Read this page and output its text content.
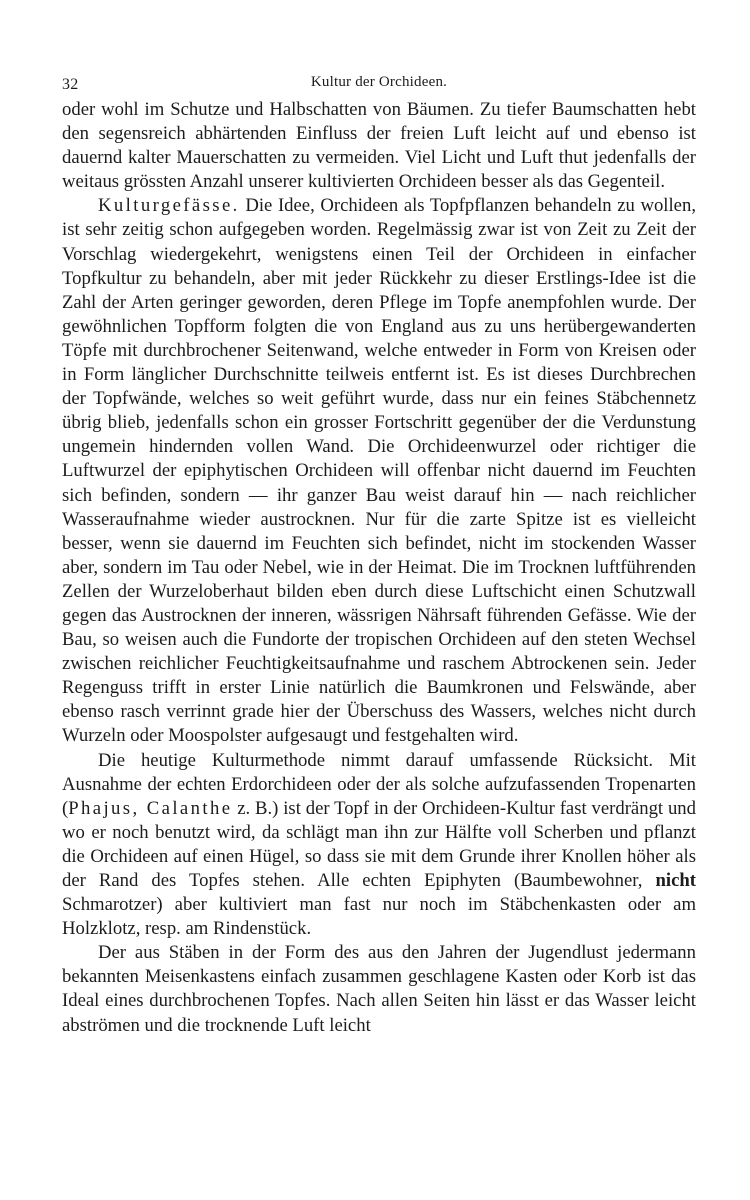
32	Kultur der Orchideen.

oder wohl im Schutze und Halbschatten von Bäumen. Zu tiefer Baumschatten hebt den segensreich abhärtenden Einfluss der freien Luft leicht auf und ebenso ist dauernd kalter Mauerschatten zu vermeiden. Viel Licht und Luft thut jedenfalls der weitaus grössten Anzahl unserer kultivierten Orchideen besser als das Gegenteil.

Kulturgefässe. Die Idee, Orchideen als Topfpflanzen behandeln zu wollen, ist sehr zeitig schon aufgegeben worden. Regelmässig zwar ist von Zeit zu Zeit der Vorschlag wiedergekehrt, wenigstens einen Teil der Orchideen in einfacher Topfkultur zu behandeln, aber mit jeder Rückkehr zu dieser Erstlings-Idee ist die Zahl der Arten geringer geworden, deren Pflege im Topfe anempfohlen wurde. Der gewöhnlichen Topfform folgten die von England aus zu uns herübergewanderten Töpfe mit durchbrochener Seitenwand, welche entweder in Form von Kreisen oder in Form länglicher Durchschnitte teilweis entfernt ist. Es ist dieses Durchbrechen der Topfwände, welches so weit geführt wurde, dass nur ein feines Stäbchennetz übrig blieb, jedenfalls schon ein grosser Fortschritt gegenüber der die Verdunstung ungemein hindernden vollen Wand. Die Orchideenwurzel oder richtiger die Luftwurzel der epiphytischen Orchideen will offenbar nicht dauernd im Feuchten sich befinden, sondern — ihr ganzer Bau weist darauf hin — nach reichlicher Wasseraufnahme wieder austrocknen. Nur für die zarte Spitze ist es vielleicht besser, wenn sie dauernd im Feuchten sich befindet, nicht im stockenden Wasser aber, sondern im Tau oder Nebel, wie in der Heimat. Die im Trocknen luftführenden Zellen der Wurzeloberhaut bilden eben durch diese Luftschicht einen Schutzwall gegen das Austrocknen der inneren, wässrigen Nährsaft führenden Gefässe. Wie der Bau, so weisen auch die Fundorte der tropischen Orchideen auf den steten Wechsel zwischen reichlicher Feuchtigkeitsaufnahme und raschem Abtrockenen sein. Jeder Regenguss trifft in erster Linie natürlich die Baumkronen und Felswände, aber ebenso rasch verrinnt grade hier der Überschuss des Wassers, welches nicht durch Wurzeln oder Moospolster aufgesaugt und festgehalten wird.

Die heutige Kulturmethode nimmt darauf umfassende Rücksicht. Mit Ausnahme der echten Erdorchideen oder der als solche aufzufassenden Tropenarten (Phajus, Calanthe z. B.) ist der Topf in der Orchideen-Kultur fast verdrängt und wo er noch benutzt wird, da schlägt man ihn zur Hälfte voll Scherben und pflanzt die Orchideen auf einen Hügel, so dass sie mit dem Grunde ihrer Knollen höher als der Rand des Topfes stehen. Alle echten Epiphyten (Baumbewohner, nicht Schmarotzer) aber kultiviert man fast nur noch im Stäbchenkasten oder am Holzklotz, resp. am Rindenstück.

Der aus Stäben in der Form des aus den Jahren der Jugendlust jedermann bekannten Meisenkastens einfach zusammen geschlagene Kasten oder Korb ist das Ideal eines durchbrochenen Topfes. Nach allen Seiten hin lässt er das Wasser leicht abströmen und die trocknende Luft leicht
